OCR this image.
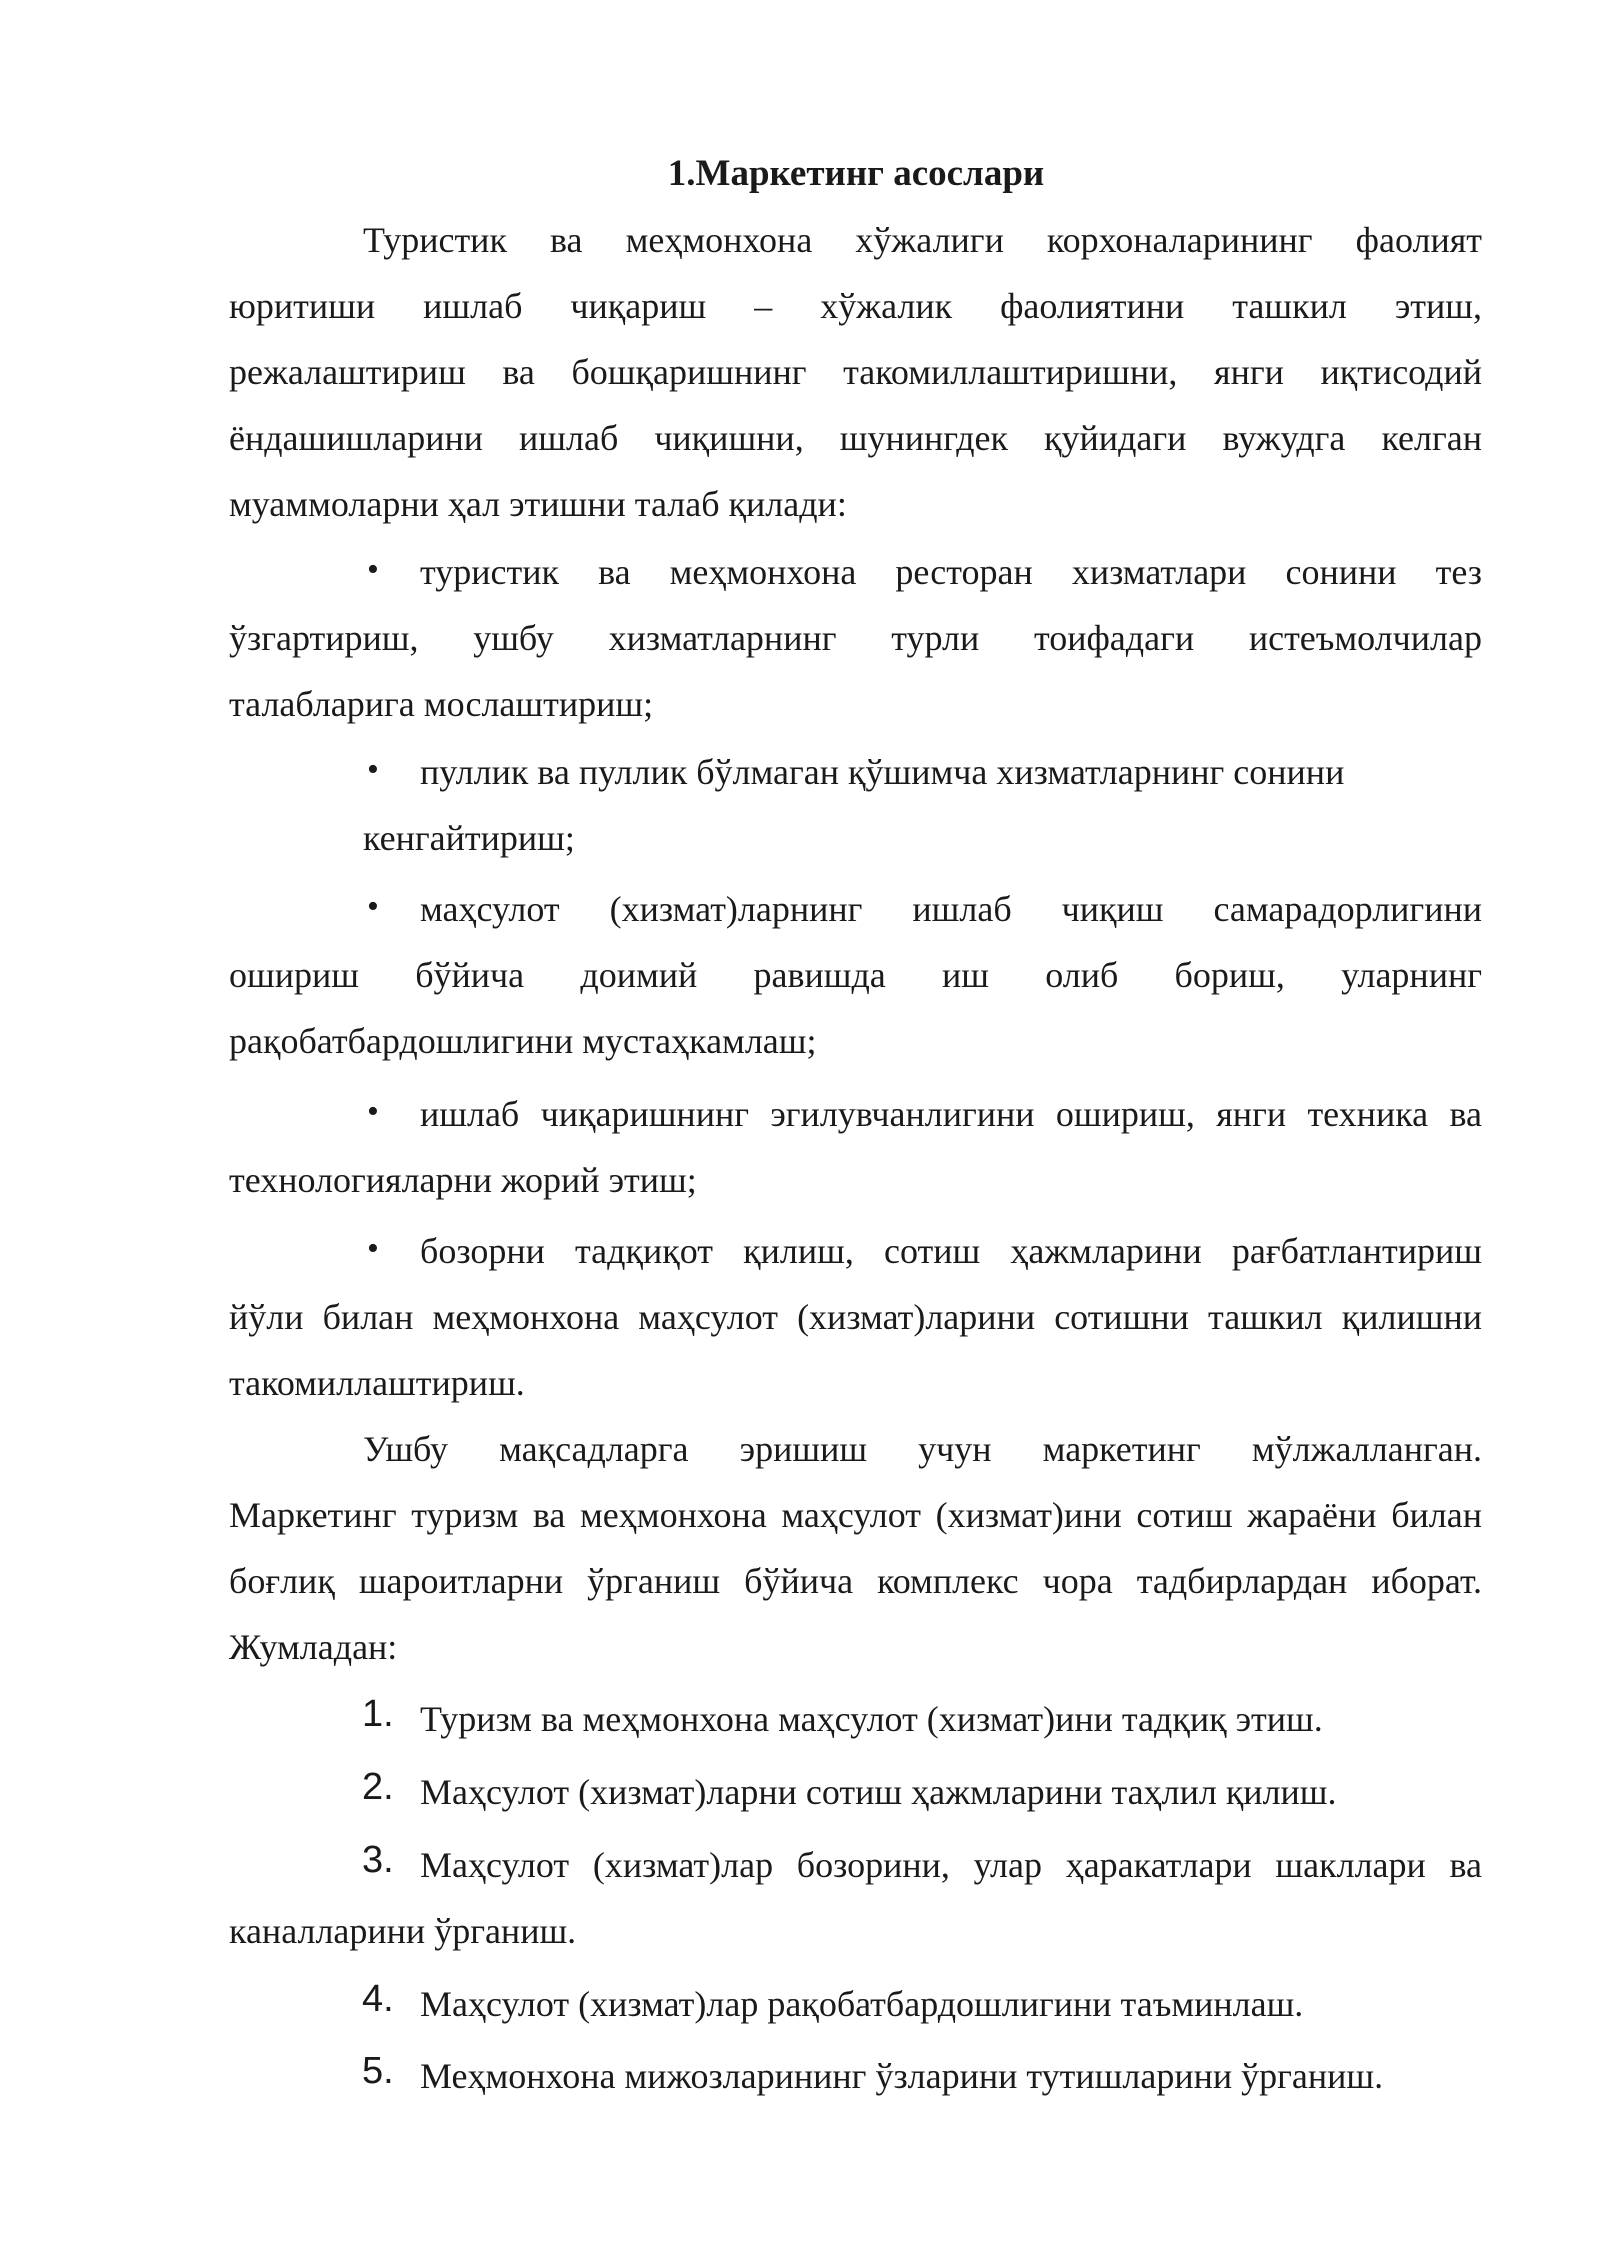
1.Маркетинг асослари
Туристик ва меҳмонхона хўжалиги корхоналарининг фаолият
юритиши ишлаб чиқариш – хўжалик фаолиятини ташкил этиш,
режалаштириш ва бошқаришнинг такомиллаштиришни, янги иқтисодий
ёндашишларини ишлаб чиқишни, шунингдек қуйидаги вужудга келган
муаммоларни ҳал этишни талаб қилади:
• туристик ва меҳмонхона ресторан хизматлари сонини тез
ўзгартириш, ушбу хизматларнинг турли тоифадаги истеъмолчилар
талабларига мослаштириш;
• пуллик ва пуллик бўлмаган қўшимча хизматларнинг сонини
кенгайтириш;
• маҳсулот (хизмат)ларнинг ишлаб чиқиш самарадорлигини
ошириш бўйича доимий равишда иш олиб бориш, уларнинг
рақобатбардошлигини мустаҳкамлаш;
• ишлаб чиқаришнинг эгилувчанлигини ошириш, янги техника ва
технологияларни жорий этиш;
• бозорни тадқиқот қилиш, сотиш ҳажмларини рағбатлантириш
йўли билан меҳмонхона маҳсулот (хизмат)ларини сотишни ташкил қилишни
такомиллаштириш.
Ушбу мақсадларга эришиш учун маркетинг мўлжалланган.
Маркетинг туризм ва меҳмонхона маҳсулот (хизмат)ини сотиш жараёни билан
боғлиқ шароитларни ўрганиш бўйича комплекс чора тадбирлардан иборат.
Жумладан:
1. Туризм ва меҳмонхона маҳсулот (хизмат)ини тадқиқ этиш.
2. Маҳсулот (хизмат)ларни сотиш ҳажмларини таҳлил қилиш.
3. Маҳсулот (хизмат)лар бозорини, улар ҳаракатлари шакллари ва
каналларини ўрганиш.
4. Маҳсулот (хизмат)лар рақобатбардошлигини таъминлаш.
5. Меҳмонхона мижозларининг ўзларини тутишларини ўрганиш.
